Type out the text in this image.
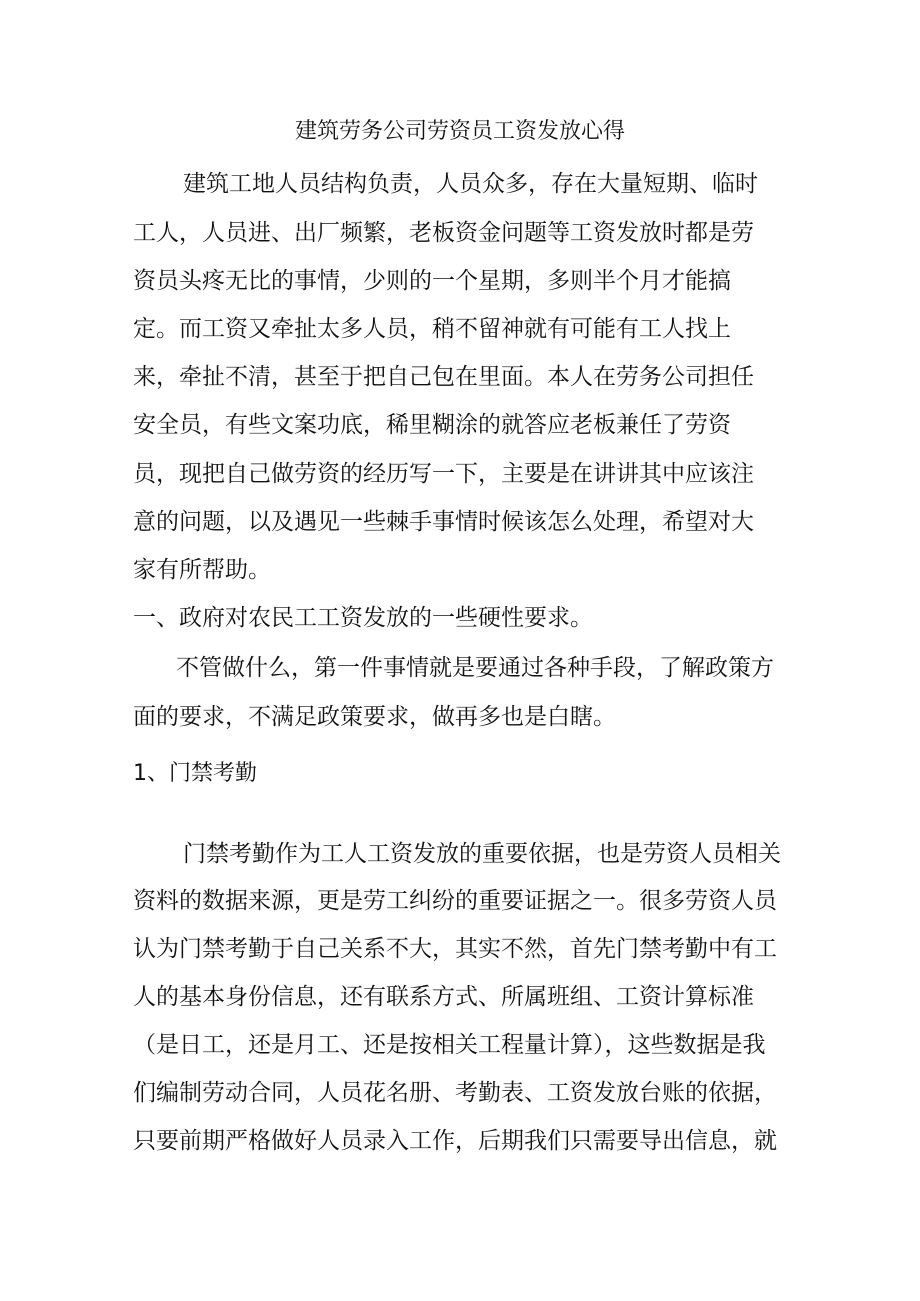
建筑劳务公司劳资员工资发放心得
建筑工地人员结构负责，人员众多，存在大量短期、临时
工人，人员进、出厂频繁，老板资金问题等工资发放时都是劳
资员头疼无比的事情，少则的一个星期，多则半个月才能搞
定。而工资又牵扯太多人员，稍不留神就有可能有工人找上
来，牵扯不清，甚至于把自己包在里面。本人在劳务公司担任
安全员，有些文案功底，稀里糊涂的就答应老板兼任了劳资
员，现把自己做劳资的经历写一下，主要是在讲讲其中应该注
意的问题，以及遇见一些棘手事情时候该怎么处理，希望对大
家有所帮助。
一、政府对农民工工资发放的一些硬性要求。
不管做什么，第一件事情就是要通过各种手段，了解政策方
面的要求，不满足政策要求，做再多也是白瞎。
1、门禁考勤
门禁考勤作为工人工资发放的重要依据，也是劳资人员相关
资料的数据来源，更是劳工纠纷的重要证据之一。很多劳资人员
认为门禁考勤于自己关系不大，其实不然，首先门禁考勤中有工
人的基本身份信息，还有联系方式、所属班组、工资计算标准
（是日工，还是月工、还是按相关工程量计算），这些数据是我
们编制劳动合同，人员花名册、考勤表、工资发放台账的依据，
只要前期严格做好人员录入工作，后期我们只需要导出信息，就
